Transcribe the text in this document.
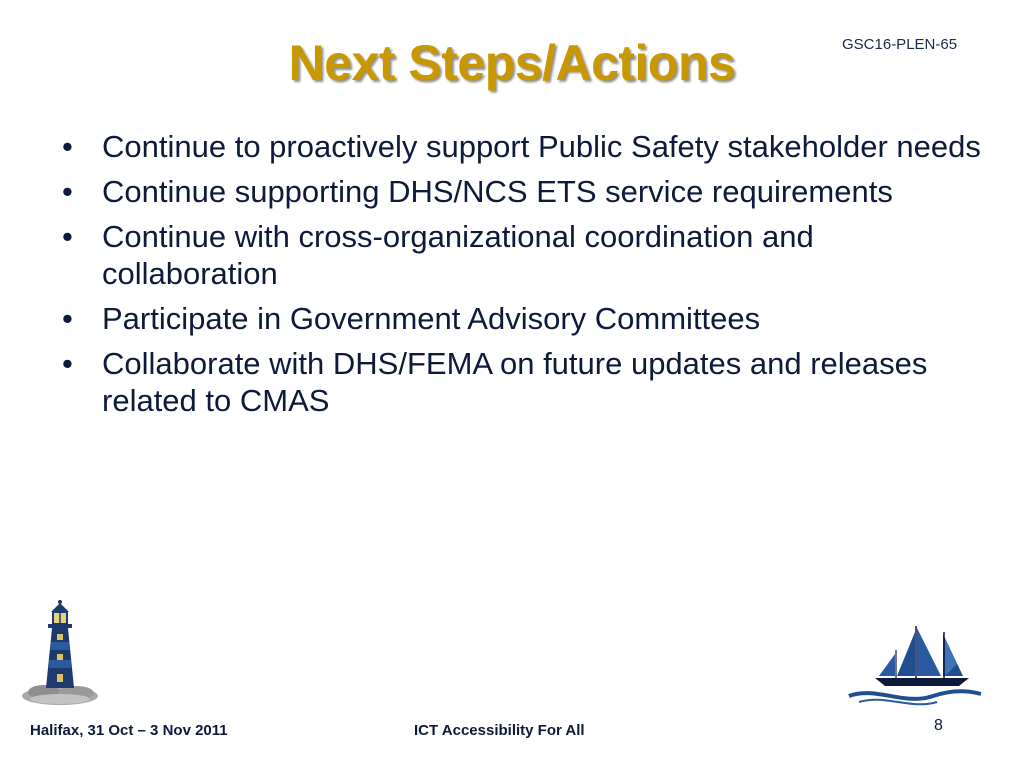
GSC16-PLEN-65
Next Steps/Actions
• Continue to proactively support Public Safety stakeholder needs
• Continue supporting DHS/NCS ETS service requirements
• Continue with cross-organizational coordination and collaboration
• Participate in Government Advisory Committees
• Collaborate with DHS/FEMA on future updates and releases related to CMAS
Halifax, 31 Oct – 3 Nov 2011	ICT Accessibility For All	8
